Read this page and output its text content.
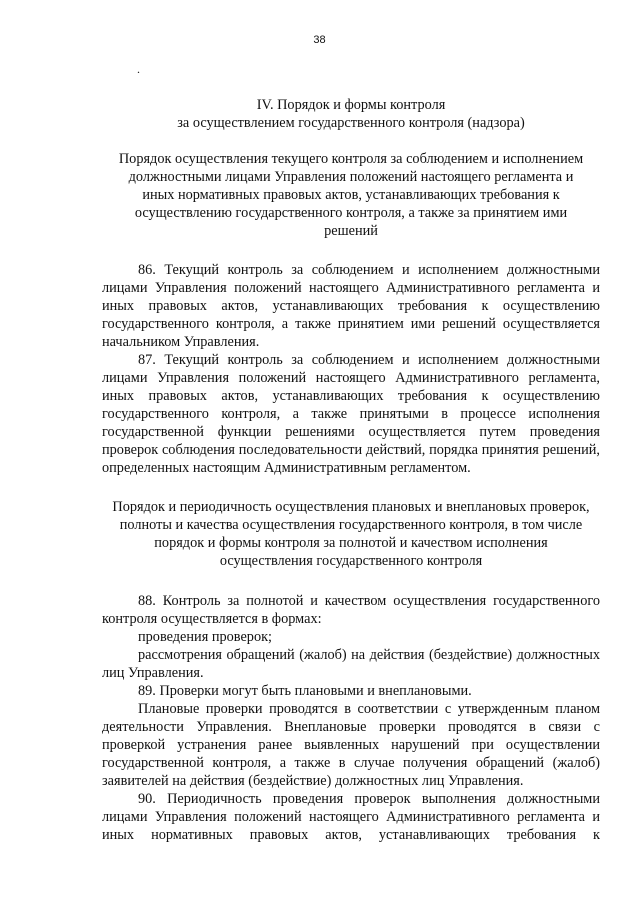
38
.
IV. Порядок и формы контроля
за осуществлением государственного контроля (надзора)
Порядок осуществления текущего контроля за соблюдением и исполнением
должностными лицами Управления положений настоящего регламента и
иных нормативных правовых актов, устанавливающих требования к
осуществлению государственного контроля, а также за принятием ими
решений

86. Текущий контроль за соблюдением и исполнением должностными лицами Управления положений настоящего Административного регламента и иных правовых актов, устанавливающих требования к осуществлению государственного контроля, а также принятием ими решений осуществляется начальником Управления.

87. Текущий контроль за соблюдением и исполнением должностными лицами Управления положений настоящего Административного регламента, иных правовых актов, устанавливающих требования к осуществлению государственного контроля, а также принятыми в процессе исполнения государственной функции решениями осуществляется путем проведения проверок соблюдения последовательности действий, порядка принятия решений, определенных настоящим Административным регламентом.

Порядок и периодичность осуществления плановых и внеплановых проверок,
полноты и качества осуществления государственного контроля, в том числе
порядок и формы контроля за полнотой и качеством исполнения
осуществления государственного контроля

88. Контроль за полнотой и качеством осуществления государственного контроля осуществляется в формах:

проведения проверок;

рассмотрения обращений (жалоб) на действия (бездействие) должностных лиц Управления.

89. Проверки могут быть плановыми и внеплановыми.

Плановые проверки проводятся в соответствии с утвержденным планом деятельности Управления. Внеплановые проверки проводятся в связи с проверкой устранения ранее выявленных нарушений при осуществлении государственной контроля, а также в случае получения обращений (жалоб) заявителей на действия (бездействие) должностных лиц Управления.

90. Периодичность проведения проверок выполнения должностными лицами Управления положений настоящего Административного регламента и иных нормативных правовых актов, устанавливающих требования к
